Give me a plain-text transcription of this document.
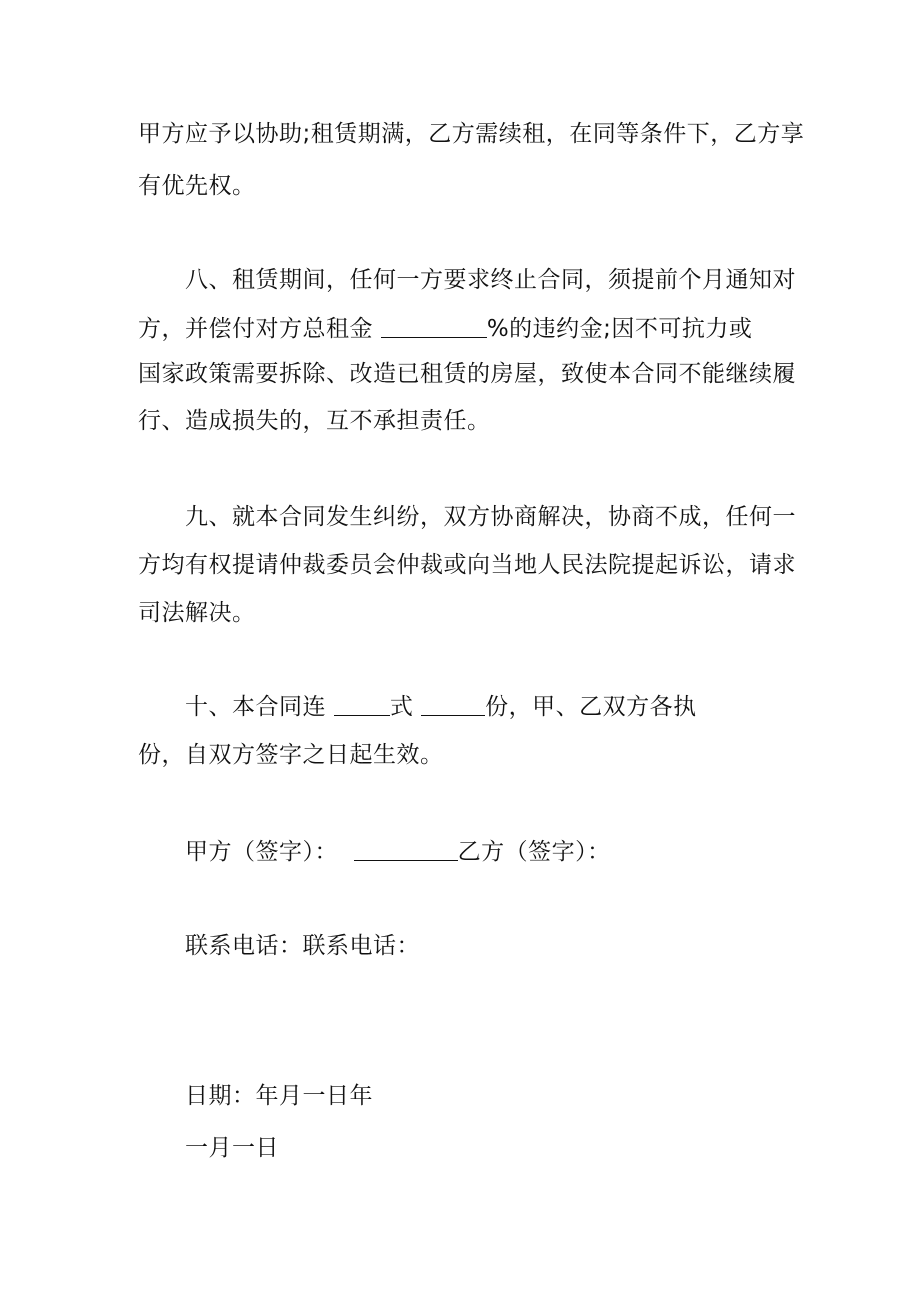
甲方应予以协助;租赁期满，乙方需续租，在同等条件下，乙方享
有优先权。
八、租赁期间，任何一方要求终止合同，须提前个月通知对
方，并偿付对方总租金	%的违约金;因不可抗力或
国家政策需要拆除、改造已租赁的房屋，致使本合同不能继续履
行、造成损失的，互不承担责任。
九、就本合同发生纠纷，双方协商解决，协商不成，任何一
方均有权提请仲裁委员会仲裁或向当地人民法院提起诉讼，请求
司法解决。
十、本合同连 式	份，甲、乙双方各执
份，自双方签字之日起生效。
甲方（签字）：	乙方（签字）：
联系电话：联系电话：
日期：年月一日年
一月一日
